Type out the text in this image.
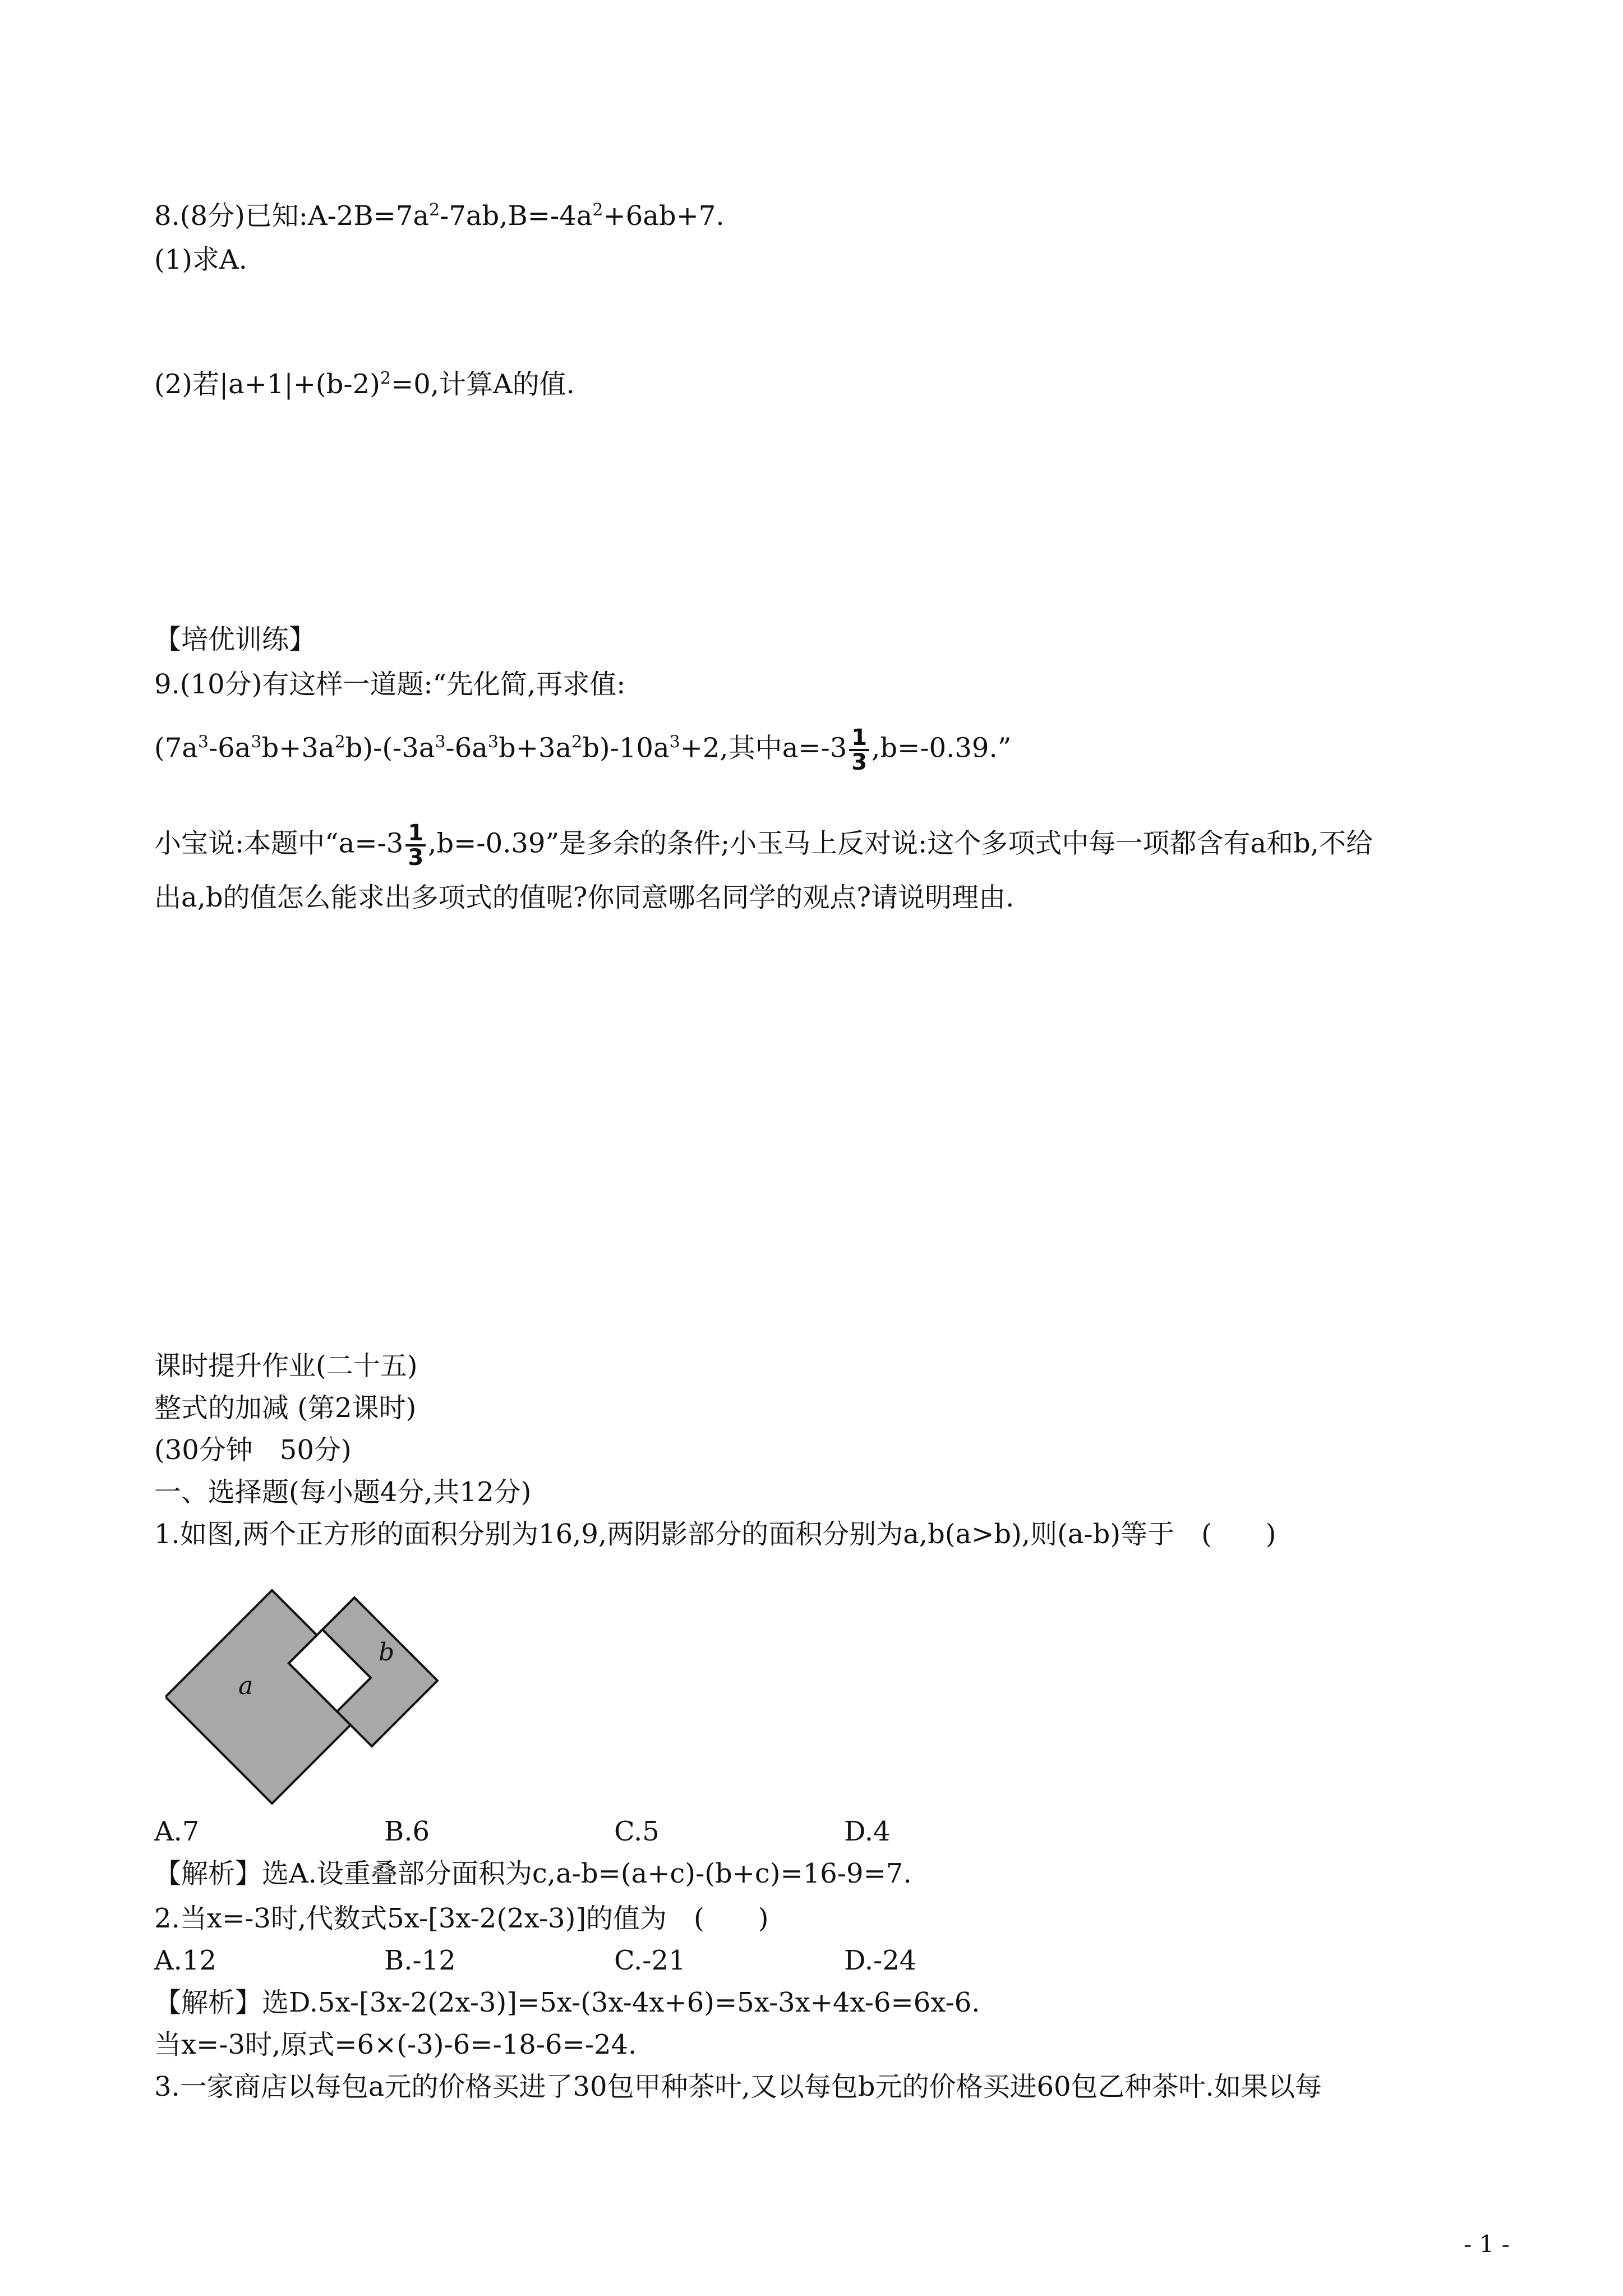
8.(8分)已知$:A-2B=7a^2-7ab,B=-4a^2+6ab+7$.
(1)求A.
(2)若$|a+1|+(b-2)^2=0$,计算A的值.
【培优训练】
9.(10分)有这样一道题:“先化简,再求值:
$(7a^3-6a^3b+3a^2b)-(-3a^3-6a^3b+3a^2b)-10a^3+2$,其中$a=-3 \frac{1}{3} ,b=-0.39$.”
小宝说:本题中“$a=-3 \frac{1}{3} ,b=-0.39$”是多余的条件;小玉马上反对说:这个多项式中每一项都含有a和b,不给
出a,b的值怎么能求出多项式的值呢?你同意哪名同学的观点?请说明理由.
课时提升作业(二十五)
整式的加减 (第2课时)
(30分钟　50分)
一、选择题(每小题4分,共12分)
1.如图,两个正方形的面积分别为16,9,两阴影部分的面积分别为a,b(a>b),则(a-b)等于　(　　)
a
b
A.7	B.6	C.5	D.4
【解析】选A.设重叠部分面积为c,a-b=(a+c)-(b+c)=16-9=7.
2.当x=-3时,代数式5x-[3x-2(2x-3)]的值为　(　　)
A.12	B.-12	C.-21	D.-24
【解析】选D.5x-[3x-2(2x-3)]=5x-(3x-4x+6)=5x-3x+4x-6=6x-6.
当x=-3时,原式=6×(-3)-6=-18-6=-24.
3.一家商店以每包a元的价格买进了30包甲种茶叶,又以每包b元的价格买进60包乙种茶叶.如果以每
- 1 -
